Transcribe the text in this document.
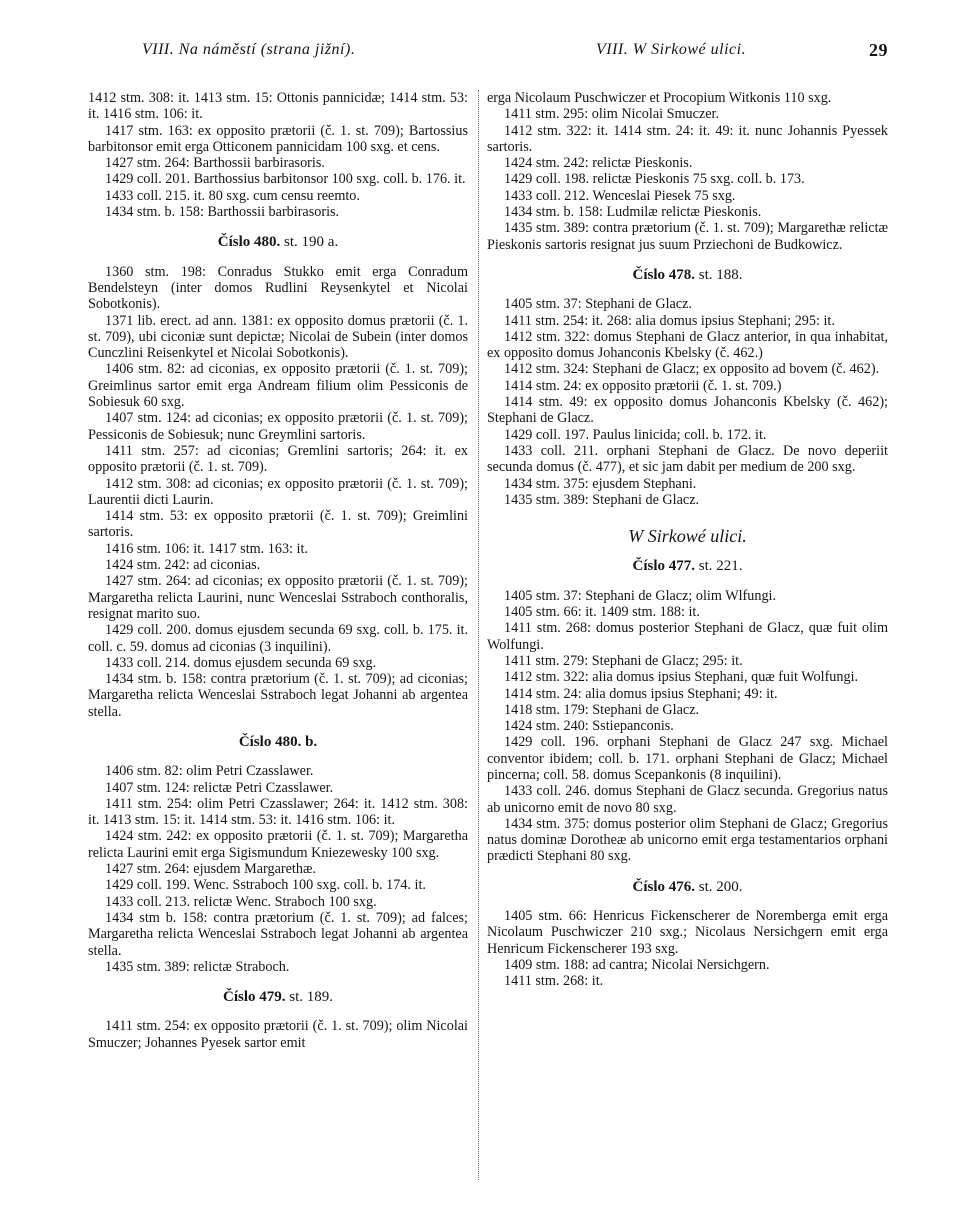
VIII. Na náměstí (strana jižní).	VIII. W Sirkowé ulici.	29

1412 stm. 308: it. 1413 stm. 15: Ottonis pannicidæ; 1414 stm. 53: it. 1416 stm. 106: it.

1417 stm. 163: ex opposito prætorii (č. 1. st. 709); Bartossius barbitonsor emit erga Otticonem pannicidam 100 sxg. et cens.

1427 stm. 264: Barthossii barbirasoris.

1429 coll. 201. Barthossius barbitonsor 100 sxg. coll. b. 176. it.

1433 coll. 215. it. 80 sxg. cum censu reemto.

1434 stm. b. 158: Barthossii barbirasoris.

Číslo 480. st. 190 a.

1360 stm. 198: Conradus Stukko emit erga Conradum Bendelsteyn (inter domos Rudlini Reysenkytel et Nicolai Sobotkonis).

1371 lib. erect. ad ann. 1381: ex opposito domus prætorii (č. 1. st. 709), ubi ciconiæ sunt depictæ; Nicolai de Subein (inter domos Cunczlini Reisenkytel et Nicolai Sobotkonis).

1406 stm. 82: ad ciconias, ex opposito prætorii (č. 1. st. 709); Greimlinus sartor emit erga Andream filium olim Pessiconis de Sobiesuk 60 sxg.

1407 stm. 124: ad ciconias; ex opposito prætorii (č. 1. st. 709); Pessiconis de Sobiesuk; nunc Greymlini sartoris.

1411 stm. 257: ad ciconias; Gremlini sartoris; 264: it. ex opposito prætorii (č. 1. st. 709).

1412 stm. 308: ad ciconias; ex opposito prætorii (č. 1. st. 709); Laurentii dicti Laurin.

1414 stm. 53: ex opposito prætorii (č. 1. st. 709); Greimlini sartoris.

1416 stm. 106: it. 1417 stm. 163: it.

1424 stm. 242: ad ciconias.

1427 stm. 264: ad ciconias; ex opposito prætorii (č. 1. st. 709); Margaretha relicta Laurini, nunc Wenceslai Sstraboch conthoralis, resignat marito suo.

1429 coll. 200. domus ejusdem secunda 69 sxg. coll. b. 175. it. coll. c. 59. domus ad ciconias (3 inquilini).

1433 coll. 214. domus ejusdem secunda 69 sxg.

1434 stm. b. 158: contra prætorium (č. 1. st. 709); ad ciconias; Margaretha relicta Wenceslai Sstraboch legat Johanni ab argentea stella.

Číslo 480. b.

1406 stm. 82: olim Petri Czasslawer.

1407 stm. 124: relictæ Petri Czasslawer.

1411 stm. 254: olim Petri Czasslawer; 264: it. 1412 stm. 308: it. 1413 stm. 15: it. 1414 stm. 53: it. 1416 stm. 106: it.

1424 stm. 242: ex opposito prætorii (č. 1. st. 709); Margaretha relicta Laurini emit erga Sigismundum Kniezewesky 100 sxg.

1427 stm. 264: ejusdem Margarethæ.

1429 coll. 199. Wenc. Sstraboch 100 sxg. coll. b. 174. it.

1433 coll. 213. relictæ Wenc. Straboch 100 sxg.

1434 stm b. 158: contra prætorium (č. 1. st. 709); ad falces; Margaretha relicta Wenceslai Sstraboch legat Johanni ab argentea stella.

1435 stm. 389: relictæ Straboch.

Číslo 479. st. 189.

1411 stm. 254: ex opposito prætorii (č. 1. st. 709); olim Nicolai Smuczer; Johannes Pyesek sartor emit

erga Nicolaum Puschwiczer et Procopium Witkonis 110 sxg.

1411 stm. 295: olim Nicolai Smuczer.

1412 stm. 322: it. 1414 stm. 24: it. 49: it. nunc Johannis Pyessek sartoris.

1424 stm. 242: relictæ Pieskonis.

1429 coll. 198. relictæ Pieskonis 75 sxg. coll. b. 173.

1433 coll. 212. Wenceslai Piesek 75 sxg.

1434 stm. b. 158: Ludmilæ relictæ Pieskonis.

1435 stm. 389: contra prætorium (č. 1. st. 709); Margarethæ relictæ Pieskonis sartoris resignat jus suum Prziechoni de Budkowicz.

Číslo 478. st. 188.

1405 stm. 37: Stephani de Glacz.

1411 stm. 254: it. 268: alia domus ipsius Stephani; 295: it.

1412 stm. 322: domus Stephani de Glacz anterior, in qua inhabitat, ex opposito domus Johanconis Kbelsky (č. 462.)

1412 stm. 324: Stephani de Glacz; ex opposito ad bovem (č. 462).

1414 stm. 24: ex opposito prætorii (č. 1. st. 709.)

1414 stm. 49: ex opposito domus Johanconis Kbelsky (č. 462); Stephani de Glacz.

1429 coll. 197. Paulus linicida; coll. b. 172. it.

1433 coll. 211. orphani Stephani de Glacz. De novo deperiit secunda domus (č. 477), et sic jam dabit per medium de 200 sxg.

1434 stm. 375: ejusdem Stephani.

1435 stm. 389: Stephani de Glacz.

W Sirkowé ulici.
Číslo 477. st. 221.

1405 stm. 37: Stephani de Glacz; olim Wlfungi.

1405 stm. 66: it. 1409 stm. 188: it.

1411 stm. 268: domus posterior Stephani de Glacz, quæ fuit olim Wolfungi.

1411 stm. 279: Stephani de Glacz; 295: it.

1412 stm. 322: alia domus ipsius Stephani, quæ fuit Wolfungi.

1414 stm. 24: alia domus ipsius Stephani; 49: it.

1418 stm. 179: Stephani de Glacz.

1424 stm. 240: Sstiepanconis.

1429 coll. 196. orphani Stephani de Glacz 247 sxg. Michael conventor ibidem; coll. b. 171. orphani Stephani de Glacz; Michael pincerna; coll. 58. domus Scepankonis (8 inquilini).

1433 coll. 246. domus Stephani de Glacz secunda. Gregorius natus ab unicorno emit de novo 80 sxg.

1434 stm. 375: domus posterior olim Stephani de Glacz; Gregorius natus dominæ Dorotheæ ab unicorno emit erga testamentarios orphani prædicti Stephani 80 sxg.

Číslo 476. st. 200.

1405 stm. 66: Henricus Fickenscherer de Noremberga emit erga Nicolaum Puschwiczer 210 sxg.; Nicolaus Nersichgern emit erga Henricum Fickenscherer 193 sxg.

1409 stm. 188: ad cantra; Nicolai Nersichgern.

1411 stm. 268: it.
